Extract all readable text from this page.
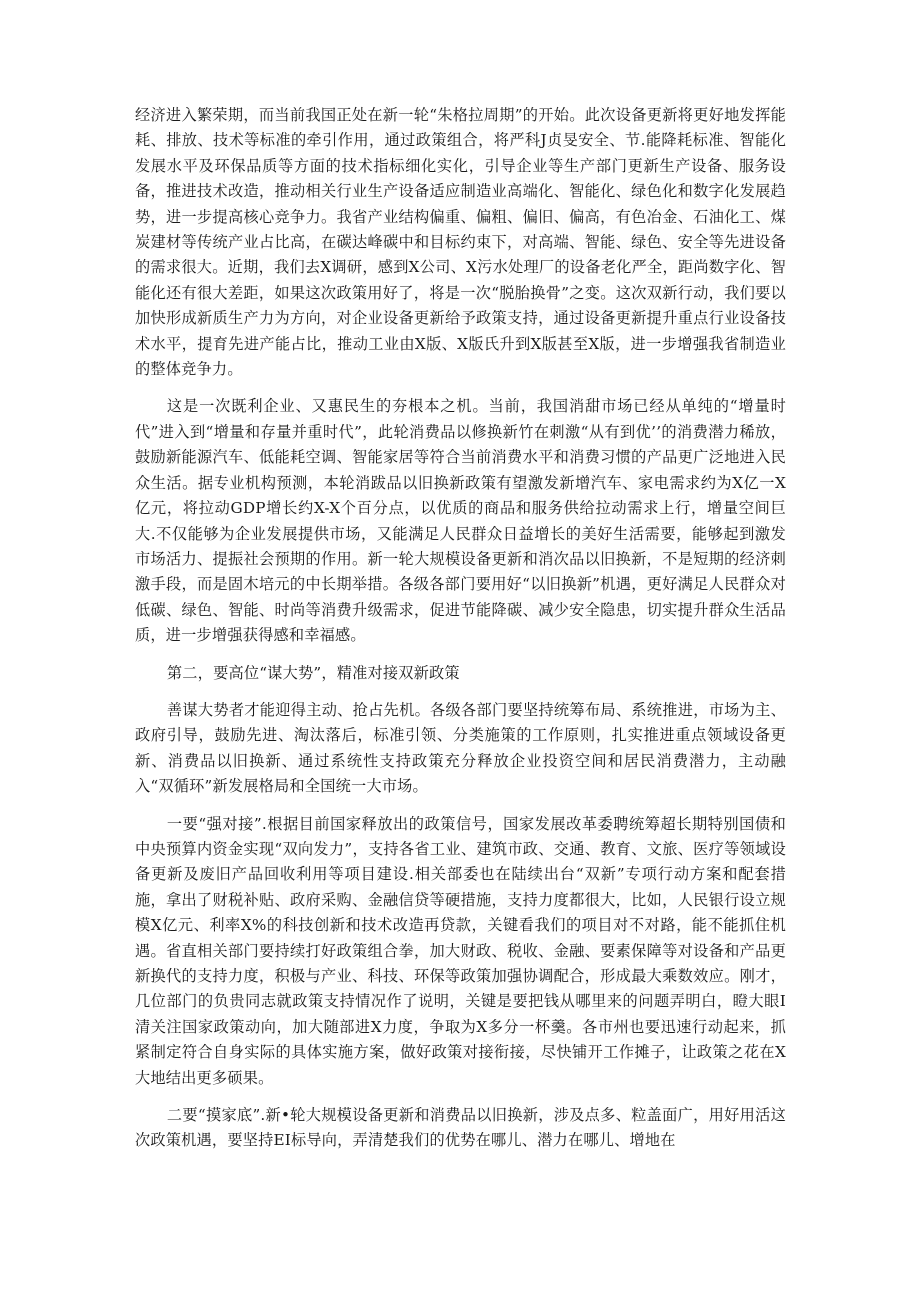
经济进入繁荣期，而当前我国正处在新一轮“朱格拉周期”的开始。此次设备更新将更好地发挥能耗、排放、技术等标准的牵引作用，通过政策组合，将严科J贞旻安全、节.能降耗标准、智能化发展水平及环保品质等方面的技术指标细化实化，引导企业等生产部门更新生产设备、服务设备，推进技术改造，推动相关行业生产设备适应制造业高端化、智能化、绿色化和数字化发展趋势，进一步提高核心竞争力。我省产业结构偏重、偏粗、偏旧、偏高，有色冶金、石油化工、煤炭建材等传统产业占比高，在碳达峰碳中和目标约束下，对高端、智能、绿色、安全等先进设备的需求很大。近期，我们去X调研，感到X公司、X污水处理厂的设备老化严全，距尚数字化、智能化还有很大差距，如果这次政策用好了，将是一次“脱胎换骨”之变。这次双新行动，我们要以加快形成新质生产力为方向，对企业设备更新给予政策支持，通过设备更新提升重点行业设备技术水平，提育先进产能占比，推动工业由X版、X版氏升到X版甚至X版，进一步增强我省制造业的整体竞争力。

这是一次既利企业、又惠民生的夯根本之机。当前，我国消甜市场已经从单纯的“增量时代”进入到“增量和存量并重时代”，此轮消费品以修换新竹在刺激“从有到优’’的消费潜力稀放，鼓励新能源汽车、低能耗空调、智能家居等符合当前消费水平和消费习惯的产品更广泛地进入民众生活。据专业机构预测，本轮消跋品以旧换新政策有望激发新增汽车、家电需求约为X亿一X亿元，将拉动GDP增长约X-X个百分点，以优质的商品和服务供给拉动需求上行，增量空间巨大.不仅能够为企业发展提供市场，又能满足人民群众日益增长的美好生活需要，能够起到激发市场活力、提振社会预期的作用。新一轮大规模设备更新和消次品以旧换新，不是短期的经济刺激手段，而是固木培元的中长期举措。各级各部门要用好“以旧换新”机遇，更好满足人民群众对低碳、绿色、智能、时尚等消费升级需求，促进节能降碳、减少安全隐患，切实提升群众生活品质，进一步增强获得感和幸福感。

第二，要高位“谋大势”，精准对接双新政策

善谋大势者才能迎得主动、抢占先机。各级各部门要坚持统筹布局、系统推进，市场为主、政府引导，鼓励先进、淘汰落后，标准引领、分类施策的工作原则，扎实推进重点领域设备更新、消费品以旧换新、通过系统性支持政策充分释放企业投资空间和居民消费潜力，主动融入“双循环”新发展格局和全国统一大市场。

一要“强对接”.根据目前国家释放出的政策信号，国家发展改革委聘统筹超长期特别国债和中央预算内资金实现“双向发力”，支持各省工业、建筑市政、交通、教育、文旅、医疗等领域设备更新及废旧产品回收利用等项目建设.相关部委也在陆续出台“双新”专项行动方案和配套措施，拿出了财税补贴、政府采购、金融信贷等硬措施，支持力度都很大，比如，人民银行设立规模X亿元、利率X%的科技创新和技术改造再贷款，关键看我们的项目对不对路，能不能抓住机遇。省直相关部门要持续打好政策组合拳，加大财政、税收、金融、要素保障等对设备和产品更新换代的支持力度，积极与产业、科技、环保等政策加强协调配合，形成最大乘数效应。刚才，几位部门的负贵同志就政策支持情况作了说明，关键是要把钱从哪里来的问题弄明白，瞪大眼I清关注国家政策动向，加大随部进X力度，争取为X多分一杯羹。各市州也要迅速行动起来，抓紧制定符合自身实际的具体实施方案，做好政策对接衔接，尽快铺开工作摊子，让政策之花在X大地结出更多硕果。

二要“摸家底”.新•轮大规模设备更新和消费品以旧换新，涉及点多、粒盖面广，用好用活这次政策机遇，要坚持EI标导向，弄清楚我们的优势在哪儿、潜力在哪儿、增地在
